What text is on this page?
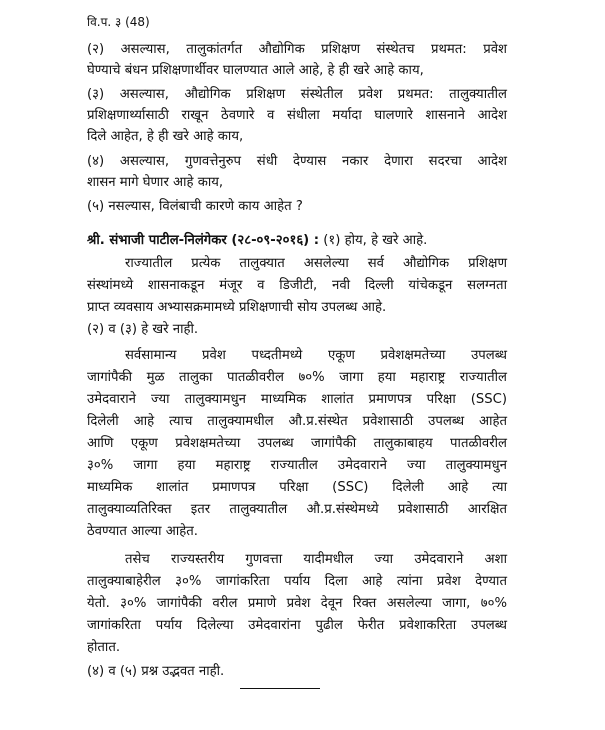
वि.प. ३ (48)
(२) असल्यास, तालुकांतर्गत औद्योगिक प्रशिक्षण संस्थेतच प्रथमत: प्रवेश
घेण्याचे बंधन प्रशिक्षणार्थीवर घालण्यात आले आहे, हे ही खरे आहे काय,
(३) असल्यास, औद्योगिक प्रशिक्षण संस्थेतील प्रवेश प्रथमत: तालुक्यातील
प्रशिक्षणार्थ्यासाठी राखून ठेवणारे व संधीला मर्यादा घालणारे शासनाने आदेश
दिले आहेत, हे ही खरे आहे काय,
(४) असल्यास, गुणवत्तेनुरुप संधी देण्यास नकार देणारा सदरचा आदेश
शासन मागे घेणार आहे काय,
(५) नसल्यास, विलंबाची कारणे काय आहेत ?
श्री. संभाजी पाटील-निलंगेकर (२८-०९-२०१६) : (१) होय, हे खरे आहे.
राज्यातील प्रत्येक तालुक्यात असलेल्या सर्व औद्योगिक प्रशिक्षण
संस्थांमध्ये शासनाकडून मंजूर व डिजीटी, नवी दिल्ली यांचेकडून सलग्नता
प्राप्त व्यवसाय अभ्यासक्रमामध्ये प्रशिक्षणाची सोय उपलब्ध आहे.
(२) व (३) हे खरे नाही.
सर्वसामान्य प्रवेश पध्दतीमध्ये एकूण प्रवेशक्षमतेच्या उपलब्ध
जागांपैकी मुळ तालुका पातळीवरील ७०% जागा हया महाराष्ट्र राज्यातील
उमेदवाराने ज्या तालुक्यामधुन माध्यमिक शालांत प्रमाणपत्र परिक्षा (SSC)
दिलेली आहे त्याच तालुक्यामधील औ.प्र.संस्थेत प्रवेशासाठी उपलब्ध आहेत
आणि एकूण प्रवेशक्षमतेच्या उपलब्ध जागांपैकी तालुकाबाहय पातळीवरील
३०% जागा हया महाराष्ट्र राज्यातील उमेदवाराने ज्या तालुक्यामधुन
माध्यमिक शालांत प्रमाणपत्र परिक्षा (SSC) दिलेली आहे त्या
तालुक्याव्यतिरिक्त इतर तालुक्यातील औ.प्र.संस्थेमध्ये प्रवेशासाठी आरक्षित
ठेवण्यात आल्या आहेत.
तसेच राज्यस्तरीय गुणवत्ता यादीमधील ज्या उमेदवाराने अशा
तालुक्याबाहेरील ३०% जागांकरिता पर्याय दिला आहे त्यांना प्रवेश देण्यात
येतो. ३०% जागांपैकी वरील प्रमाणे प्रवेश देवून रिक्त असलेल्या जागा, ७०%
जागांकरिता पर्याय दिलेल्या उमेदवारांना पुढील फेरीत प्रवेशाकरिता उपलब्ध
होतात.
(४) व (५) प्रश्न उद्भवत नाही.
